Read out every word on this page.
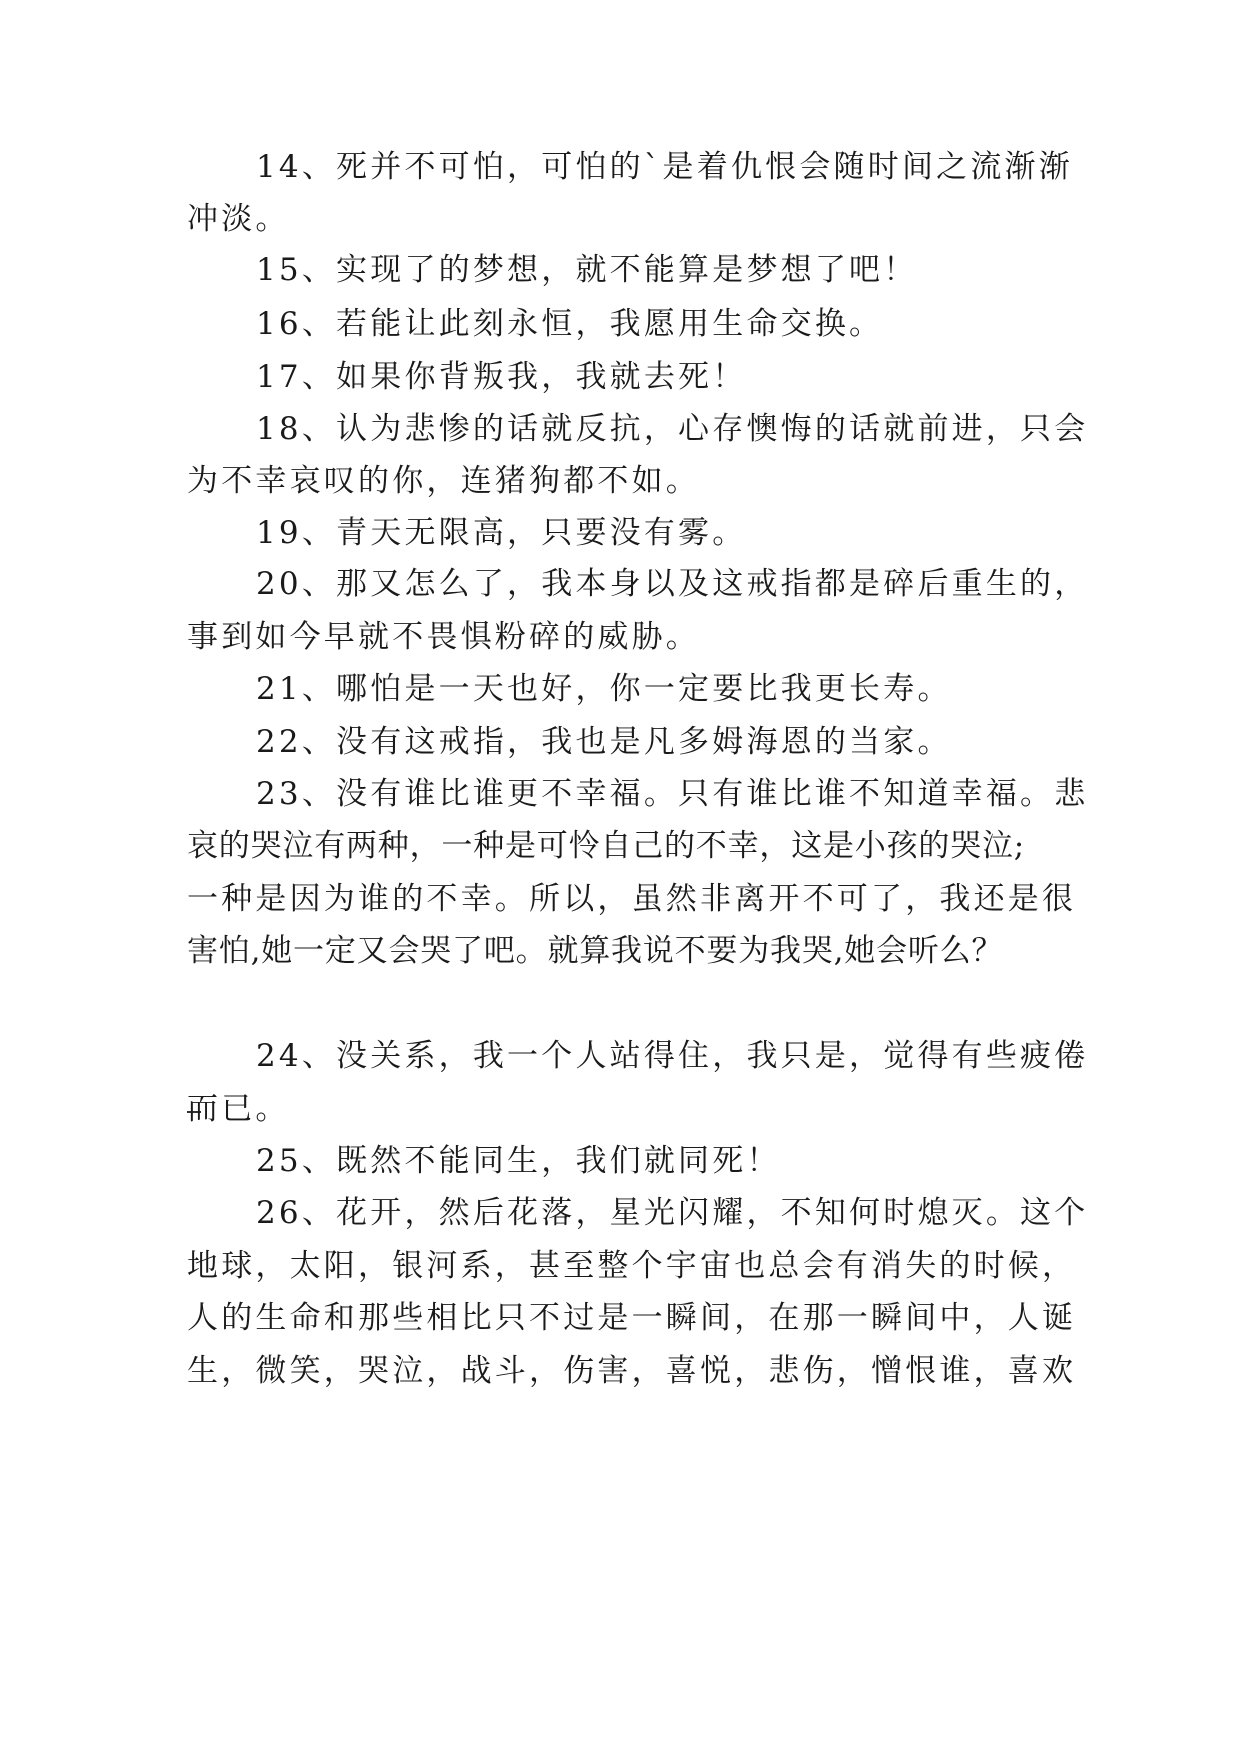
14、死并不可怕，可怕的`是着仇恨会随时间之流渐渐
冲淡。
15、实现了的梦想，就不能算是梦想了吧！
16、若能让此刻永恒，我愿用生命交换。
17、如果你背叛我，我就去死！
18、认为悲惨的话就反抗，心存懊悔的话就前进，只会
为不幸哀叹的你，连猪狗都不如。
19、青天无限高，只要没有雾。
20、那又怎么了，我本身以及这戒指都是碎后重生的，
事到如今早就不畏惧粉碎的威胁。
21、哪怕是一天也好，你一定要比我更长寿。
22、没有这戒指，我也是凡多姆海恩的当家。
23、没有谁比谁更不幸福。只有谁比谁不知道幸福。悲
哀的哭泣有两种，一种是可怜自己的不幸，这是小孩的哭泣;
一种是因为谁的不幸。所以，虽然非离开不可了，我还是很
害怕,她一定又会哭了吧。就算我说不要为我哭,她会听么？
24、没关系，我一个人站得住，我只是，觉得有些疲倦
而已。
25、既然不能同生，我们就同死！
26、花开，然后花落，星光闪耀，不知何时熄灭。这个
地球，太阳，银河系，甚至整个宇宙也总会有消失的时候，
人的生命和那些相比只不过是一瞬间，在那一瞬间中，人诞
生，微笑，哭泣，战斗，伤害，喜悦，悲伤，憎恨谁，喜欢
